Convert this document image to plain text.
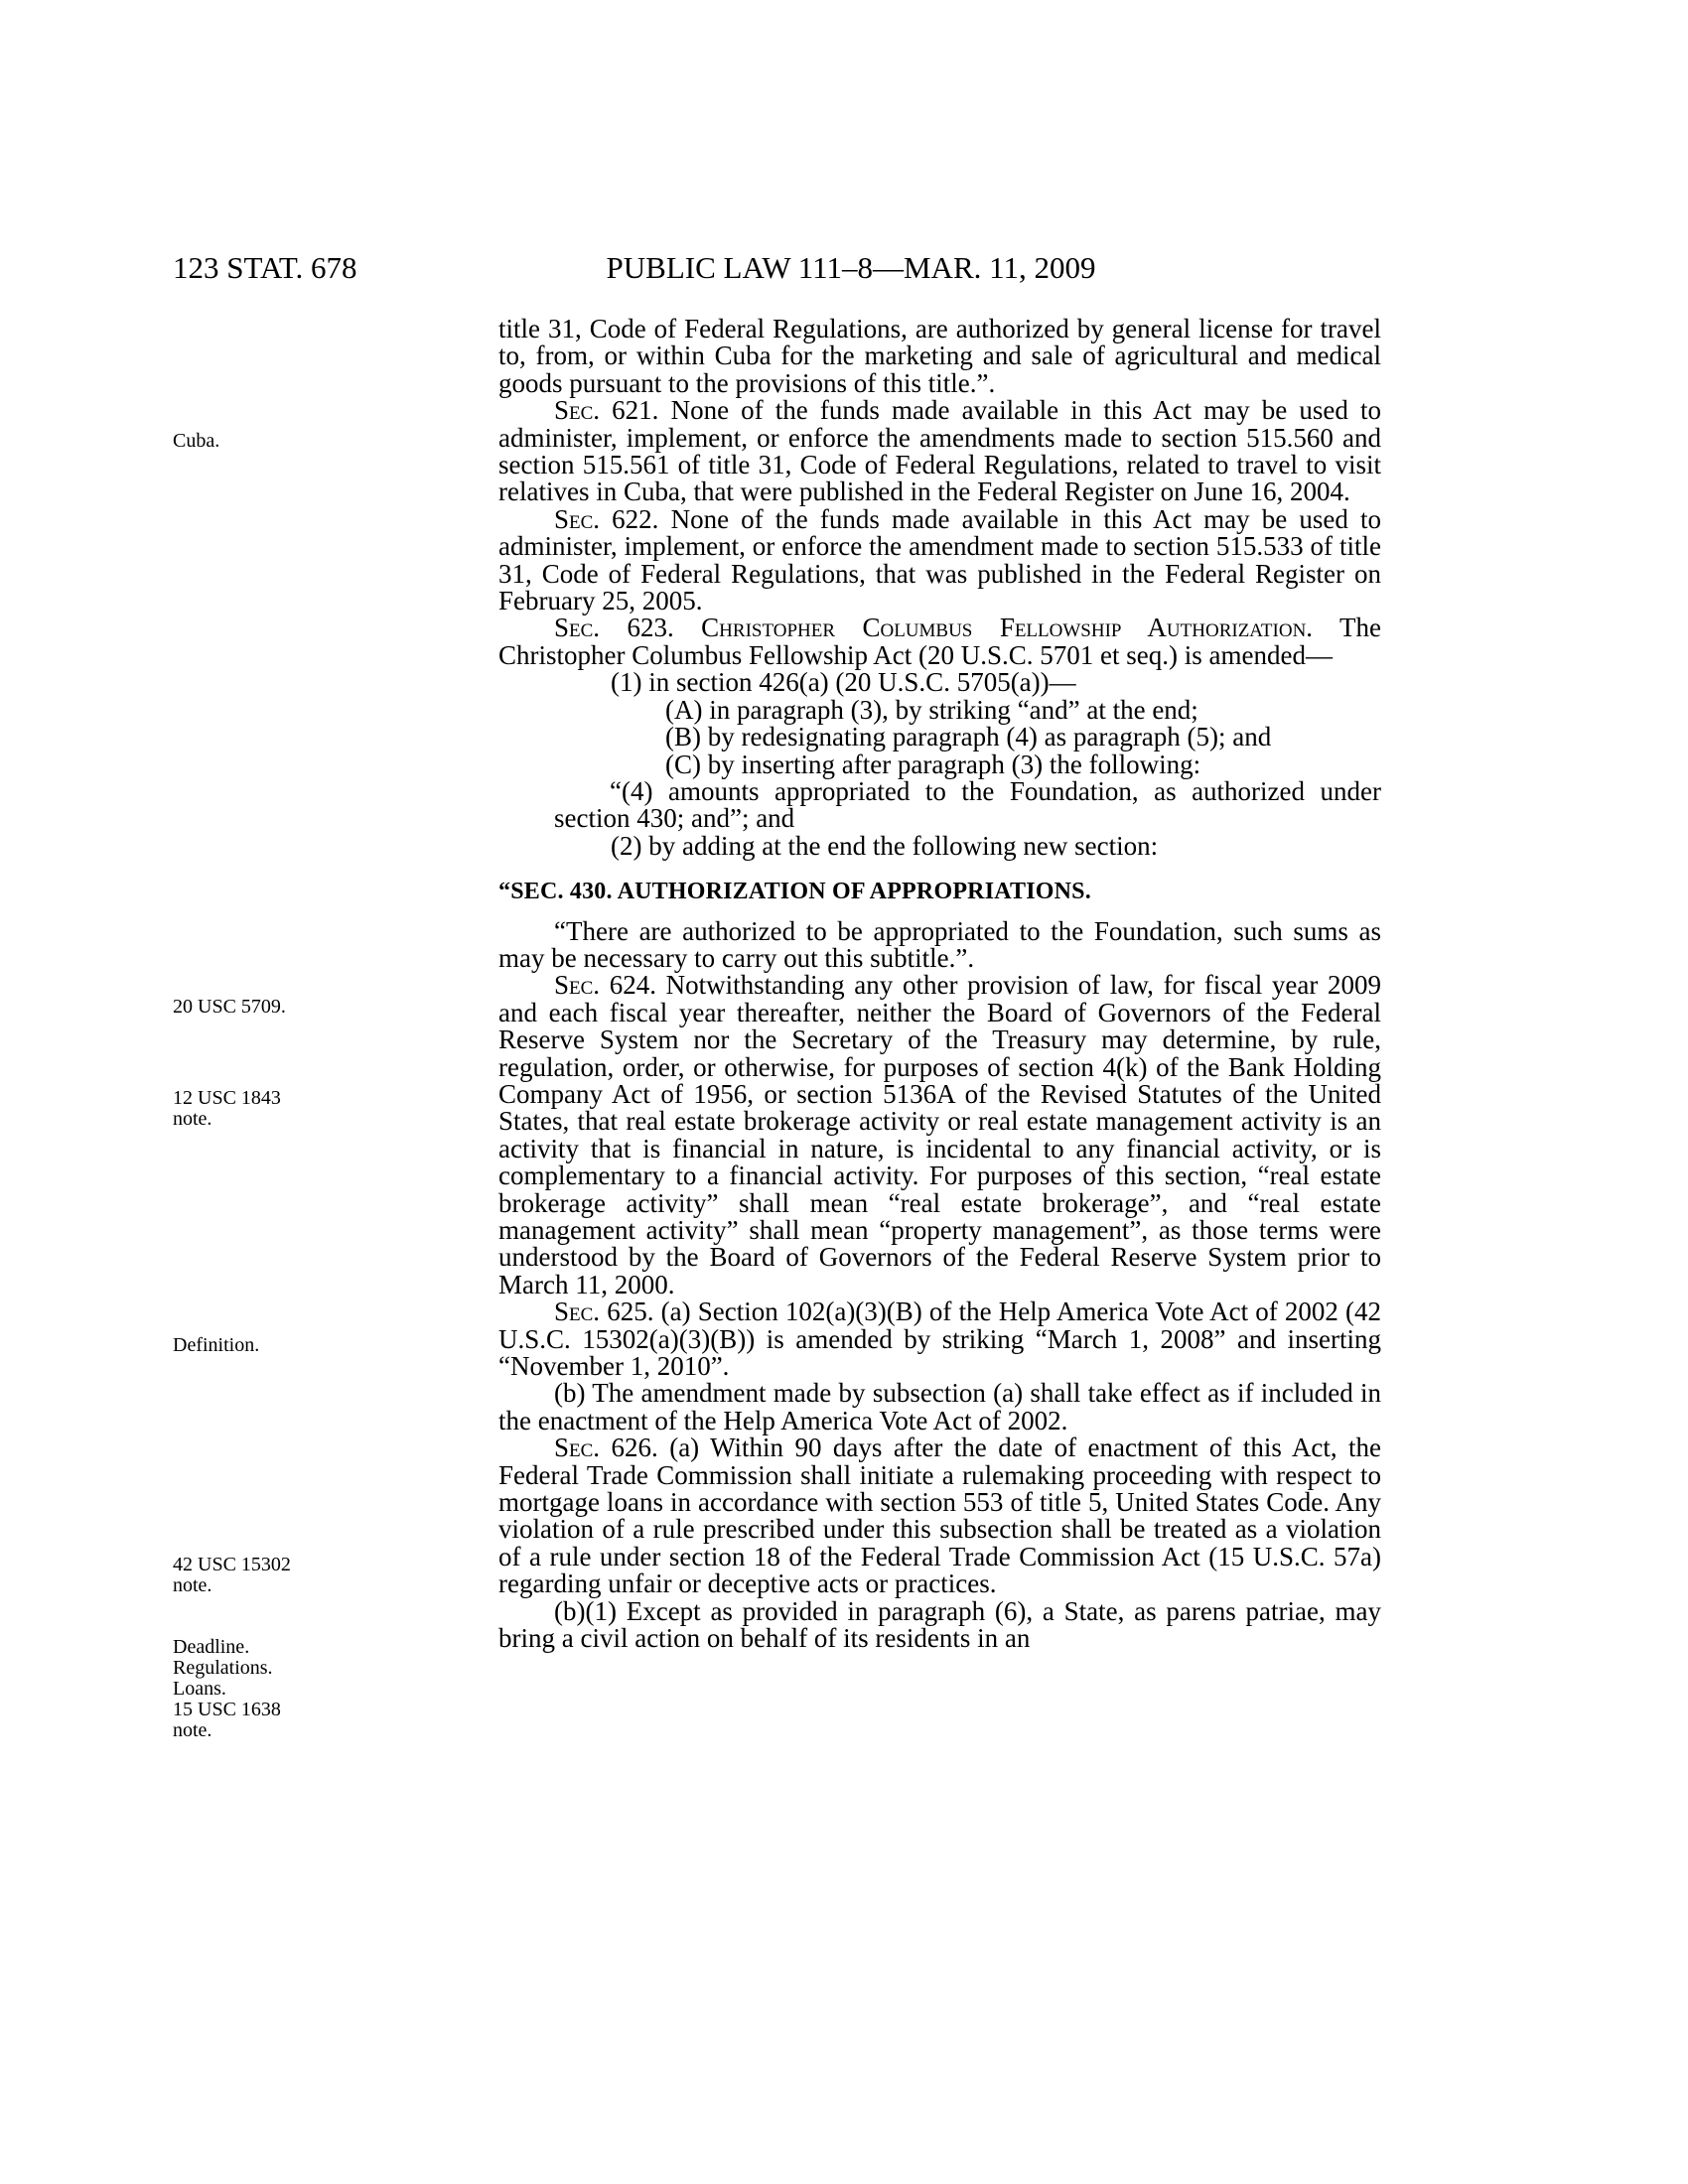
123 STAT. 678	PUBLIC LAW 111–8—MAR. 11, 2009
Cuba.
20 USC 5709.
12 USC 1843
note.
Definition.
42 USC 15302
note.
Deadline.
Regulations.
Loans.
15 USC 1638
note.

title 31, Code of Federal Regulations, are authorized by general license for travel to, from, or within Cuba for the marketing and sale of agricultural and medical goods pursuant to the provisions of this title.”.

Sec. 621. None of the funds made available in this Act may be used to administer, implement, or enforce the amendments made to section 515.560 and section 515.561 of title 31, Code of Federal Regulations, related to travel to visit relatives in Cuba, that were published in the Federal Register on June 16, 2004.

Sec. 622. None of the funds made available in this Act may be used to administer, implement, or enforce the amendment made to section 515.533 of title 31, Code of Federal Regulations, that was published in the Federal Register on February 25, 2005.

Sec. 623. Christopher Columbus Fellowship Authorization. The Christopher Columbus Fellowship Act (20 U.S.C. 5701 et seq.) is amended—

(1) in section 426(a) (20 U.S.C. 5705(a))—

(A) in paragraph (3), by striking “and” at the end;

(B) by redesignating paragraph (4) as paragraph (5); and

(C) by inserting after paragraph (3) the following:

“(4) amounts appropriated to the Foundation, as authorized under section 430; and”; and

(2) by adding at the end the following new section:

“SEC. 430. AUTHORIZATION OF APPROPRIATIONS.

“There are authorized to be appropriated to the Foundation, such sums as may be necessary to carry out this subtitle.”.

Sec. 624. Notwithstanding any other provision of law, for fiscal year 2009 and each fiscal year thereafter, neither the Board of Governors of the Federal Reserve System nor the Secretary of the Treasury may determine, by rule, regulation, order, or otherwise, for purposes of section 4(k) of the Bank Holding Company Act of 1956, or section 5136A of the Revised Statutes of the United States, that real estate brokerage activity or real estate management activity is an activity that is financial in nature, is incidental to any financial activity, or is complementary to a financial activity. For purposes of this section, “real estate brokerage activity” shall mean “real estate brokerage”, and “real estate management activity” shall mean “property management”, as those terms were understood by the Board of Governors of the Federal Reserve System prior to March 11, 2000.

Sec. 625. (a) Section 102(a)(3)(B) of the Help America Vote Act of 2002 (42 U.S.C. 15302(a)(3)(B)) is amended by striking “March 1, 2008” and inserting “November 1, 2010”.

(b) The amendment made by subsection (a) shall take effect as if included in the enactment of the Help America Vote Act of 2002.

Sec. 626. (a) Within 90 days after the date of enactment of this Act, the Federal Trade Commission shall initiate a rulemaking proceeding with respect to mortgage loans in accordance with section 553 of title 5, United States Code. Any violation of a rule prescribed under this subsection shall be treated as a violation of a rule under section 18 of the Federal Trade Commission Act (15 U.S.C. 57a) regarding unfair or deceptive acts or practices.

(b)(1) Except as provided in paragraph (6), a State, as parens patriae, may bring a civil action on behalf of its residents in an
